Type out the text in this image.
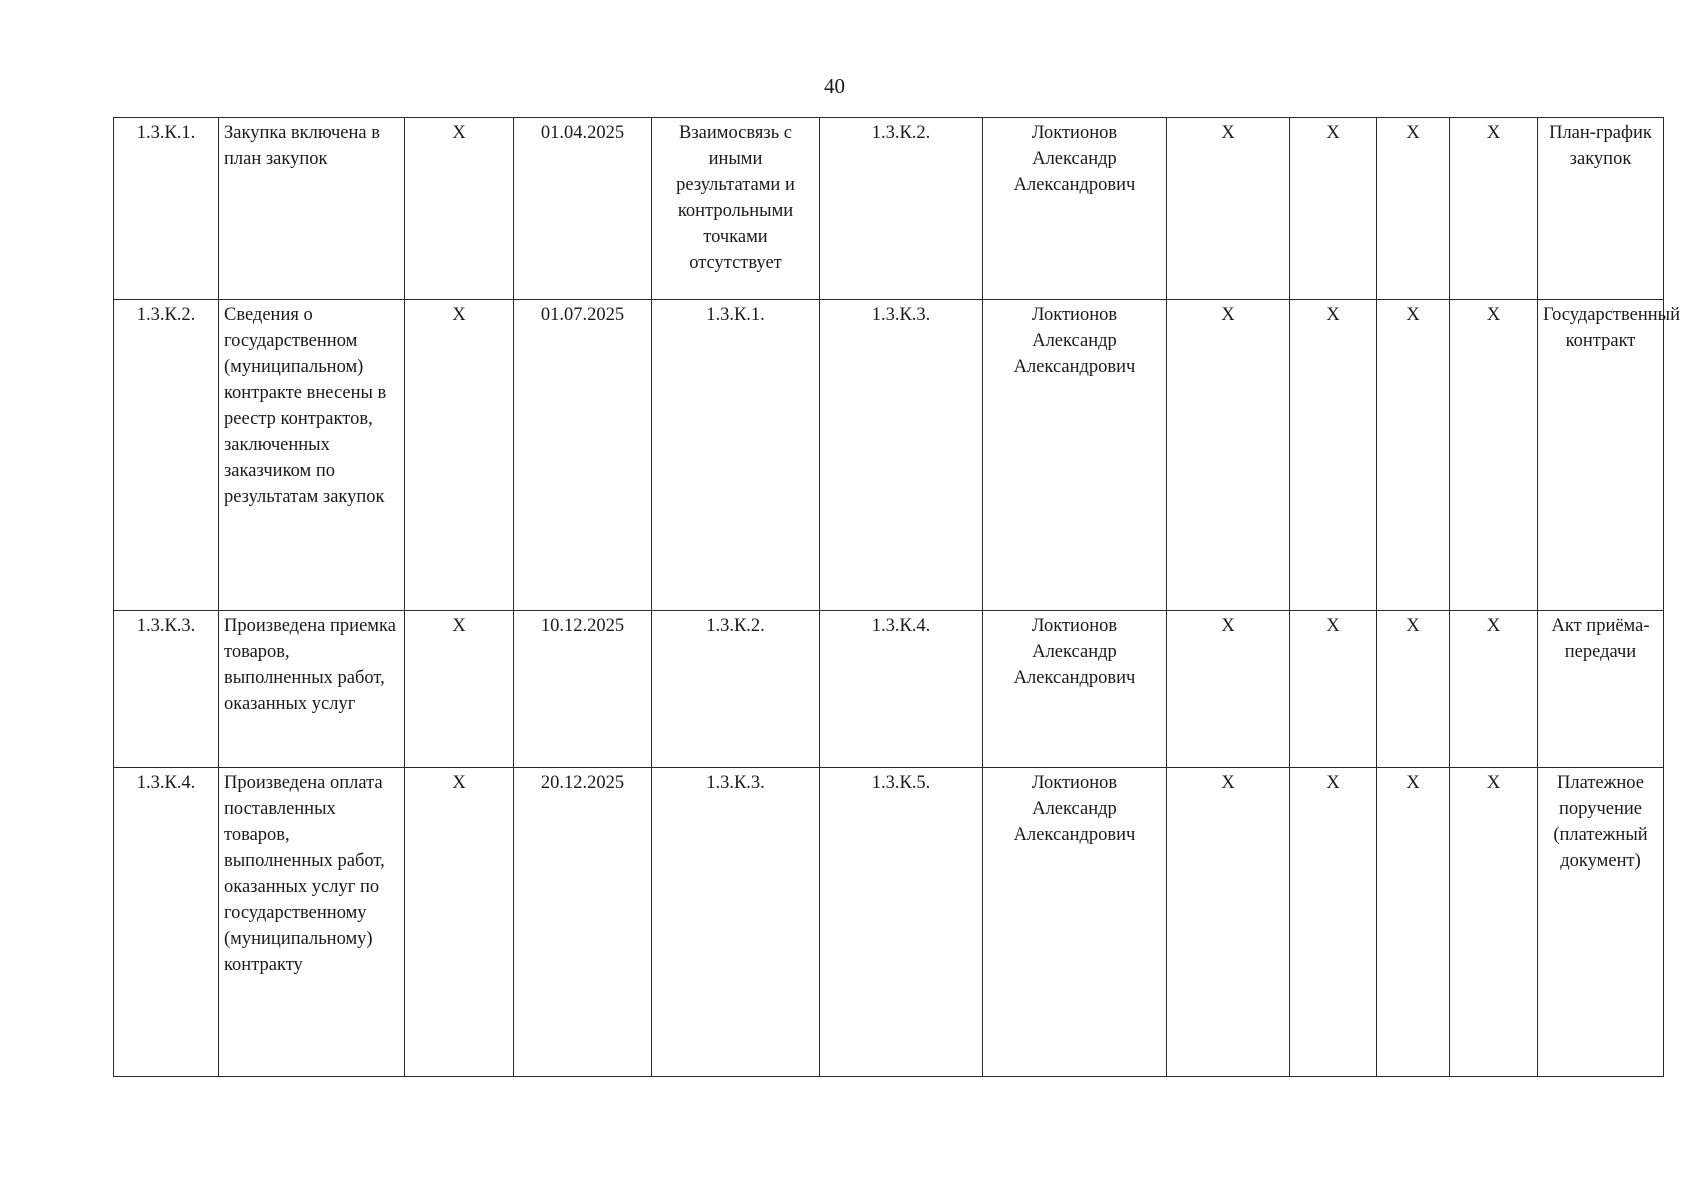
40
1.3.К.1.	Закупка включена в план закупок	Х	01.04.2025	Взаимосвязь с иными результатами и контрольными точками отсутствует	1.3.К.2.	Локтионов Александр Александрович	Х	Х	Х	Х	План-график закупок
1.3.К.2.	Сведения о государственном (муниципальном) контракте внесены в реестр контрактов, заключенных заказчиком по результатам закупок	Х	01.07.2025	1.3.К.1.	1.3.К.3.	Локтионов Александр Александрович	Х	Х	Х	Х	Государственный контракт
1.3.К.3.	Произведена приемка товаров, выполненных работ, оказанных услуг	Х	10.12.2025	1.3.К.2.	1.3.К.4.	Локтионов Александр Александрович	Х	Х	Х	Х	Акт приёма-передачи
1.3.К.4.	Произведена оплата поставленных товаров, выполненных работ, оказанных услуг по государственному (муниципальному) контракту	Х	20.12.2025	1.3.К.3.	1.3.К.5.	Локтионов Александр Александрович	Х	Х	Х	Х	Платежное поручение (платежный документ)
